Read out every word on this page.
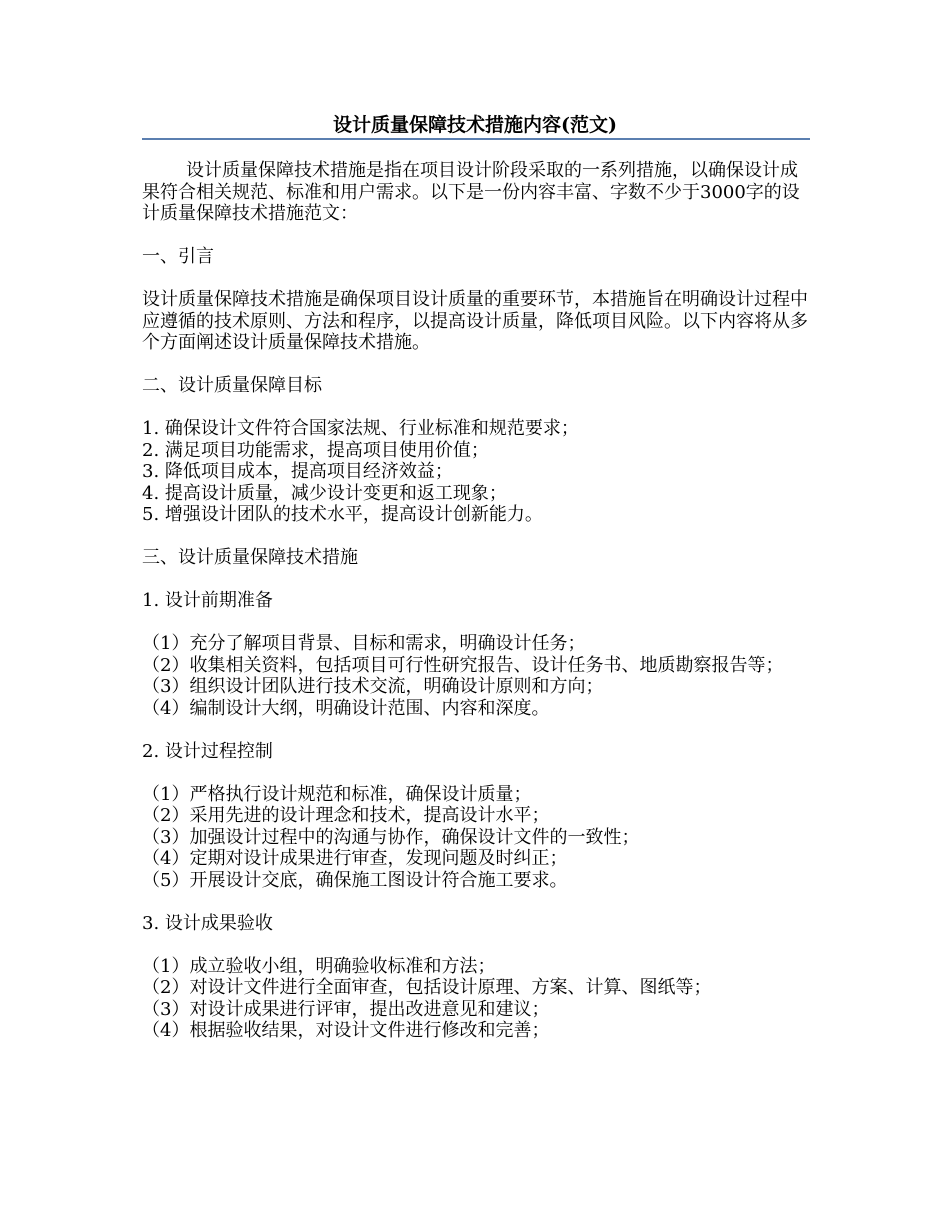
设计质量保障技术措施内容(范文)

设计质量保障技术措施是指在项目设计阶段采取的一系列措施，以确保设计成果符合相关规范、标准和用户需求。以下是一份内容丰富、字数不少于3000字的设计质量保障技术措施范文：

一、引言

设计质量保障技术措施是确保项目设计质量的重要环节，本措施旨在明确设计过程中应遵循的技术原则、方法和程序，以提高设计质量，降低项目风险。以下内容将从多个方面阐述设计质量保障技术措施。

二、设计质量保障目标

1. 确保设计文件符合国家法规、行业标准和规范要求；
2. 满足项目功能需求，提高项目使用价值；
3. 降低项目成本，提高项目经济效益；
4. 提高设计质量，减少设计变更和返工现象；
5. 增强设计团队的技术水平，提高设计创新能力。

三、设计质量保障技术措施

1. 设计前期准备

（1）充分了解项目背景、目标和需求，明确设计任务；
（2）收集相关资料，包括项目可行性研究报告、设计任务书、地质勘察报告等；
（3）组织设计团队进行技术交流，明确设计原则和方向；
（4）编制设计大纲，明确设计范围、内容和深度。

2. 设计过程控制

（1）严格执行设计规范和标准，确保设计质量；
（2）采用先进的设计理念和技术，提高设计水平；
（3）加强设计过程中的沟通与协作，确保设计文件的一致性；
（4）定期对设计成果进行审查，发现问题及时纠正；
（5）开展设计交底，确保施工图设计符合施工要求。

3. 设计成果验收

（1）成立验收小组，明确验收标准和方法；
（2）对设计文件进行全面审查，包括设计原理、方案、计算、图纸等；
（3）对设计成果进行评审，提出改进意见和建议；
（4）根据验收结果，对设计文件进行修改和完善；
